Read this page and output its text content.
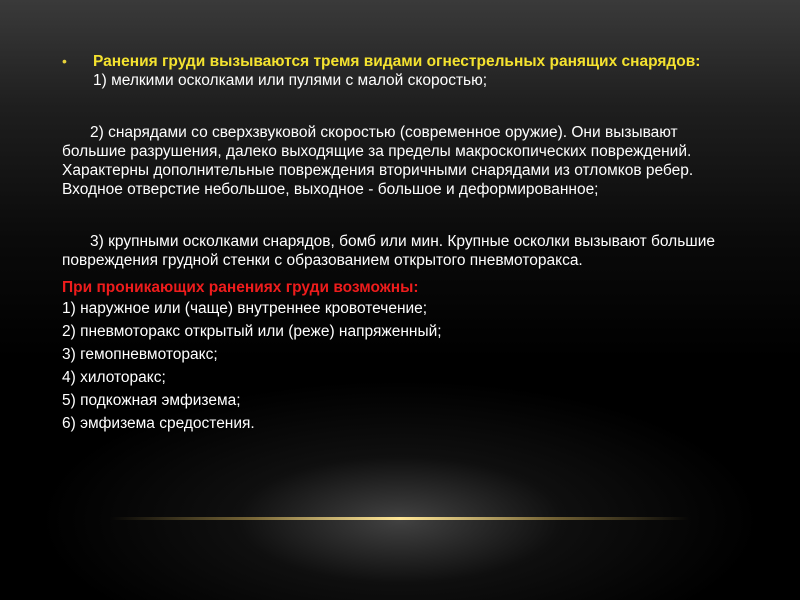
• Ранения груди вызываются тремя видами огнестрельных ранящих снарядов:
1) мелкими осколками или пулями с малой скоростью;

2) снарядами со сверхзвуковой скоростью (современное оружие). Они вызывают большие разрушения, далеко выходящие за пределы макроскопических повреждений. Характерны дополнительные повреждения вторичными снарядами из отломков ребер. Входное отверстие небольшое, выходное - большое и деформированное;

3) крупными осколками снарядов, бомб или мин. Крупные осколки вызывают большие повреждения грудной стенки с образованием открытого пневмоторакса.

При проникающих ранениях груди возможны:

1) наружное или (чаще) внутреннее кровотечение;
2) пневмоторакс открытый или (реже) напряженный;
3) гемопневмоторакс;
4) хилоторакс;
5) подкожная эмфизема;
6) эмфизема средостения.
